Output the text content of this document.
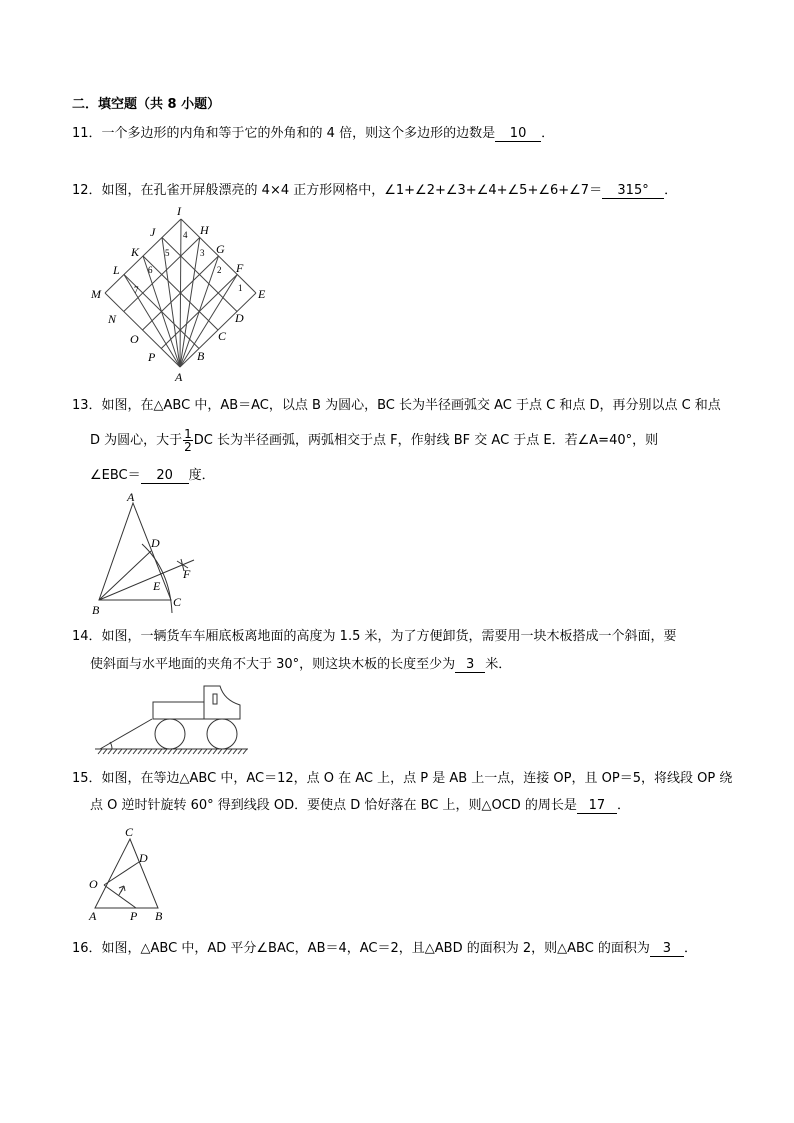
二．填空题（共 8 小题）
11．一个多边形的内角和等于它的外角和的 4 倍，则这个多边形的边数是 10 ．
12．如图，在孔雀开屏般漂亮的 4×4 正方形网格中，∠1+∠2+∠3+∠4+∠5+∠6+∠7＝ 315° ．
I
J	H
K	G
L	F
M	E
N	D
O	C
P	B
A
1
2
3
4
5
6
7
13．如图，在△ABC 中，AB＝AC，以点 B 为圆心，BC 长为半径画弧交 AC 于点 C 和点 D，再分别以点 C 和点
D 为圆心，大于 $\frac{1}{2}$ DC 长为半径画弧，两弧相交于点 F，作射线 BF 交 AC 于点 E．若∠A=40°，则
∠EBC＝ 20 度．
A
B
C
D
E
F
14．如图，一辆货车车厢底板离地面的高度为 1.5 米，为了方便卸货，需要用一块木板搭成一个斜面，要
使斜面与水平地面的夹角不大于 30°，则这块木板的长度至少为 3 米．
15．如图，在等边△ABC 中，AC＝12，点 O 在 AC 上，点 P 是 AB 上一点，连接 OP，且 OP＝5，将线段 OP 绕
点 O 逆时针旋转 60° 得到线段 OD．要使点 D 恰好落在 BC 上，则△OCD 的周长是 17 ．
C
D
O
A	P B
16．如图，△ABC 中，AD 平分∠BAC，AB＝4，AC＝2，且△ABD 的面积为 2，则△ABC 的面积为 3 ．
